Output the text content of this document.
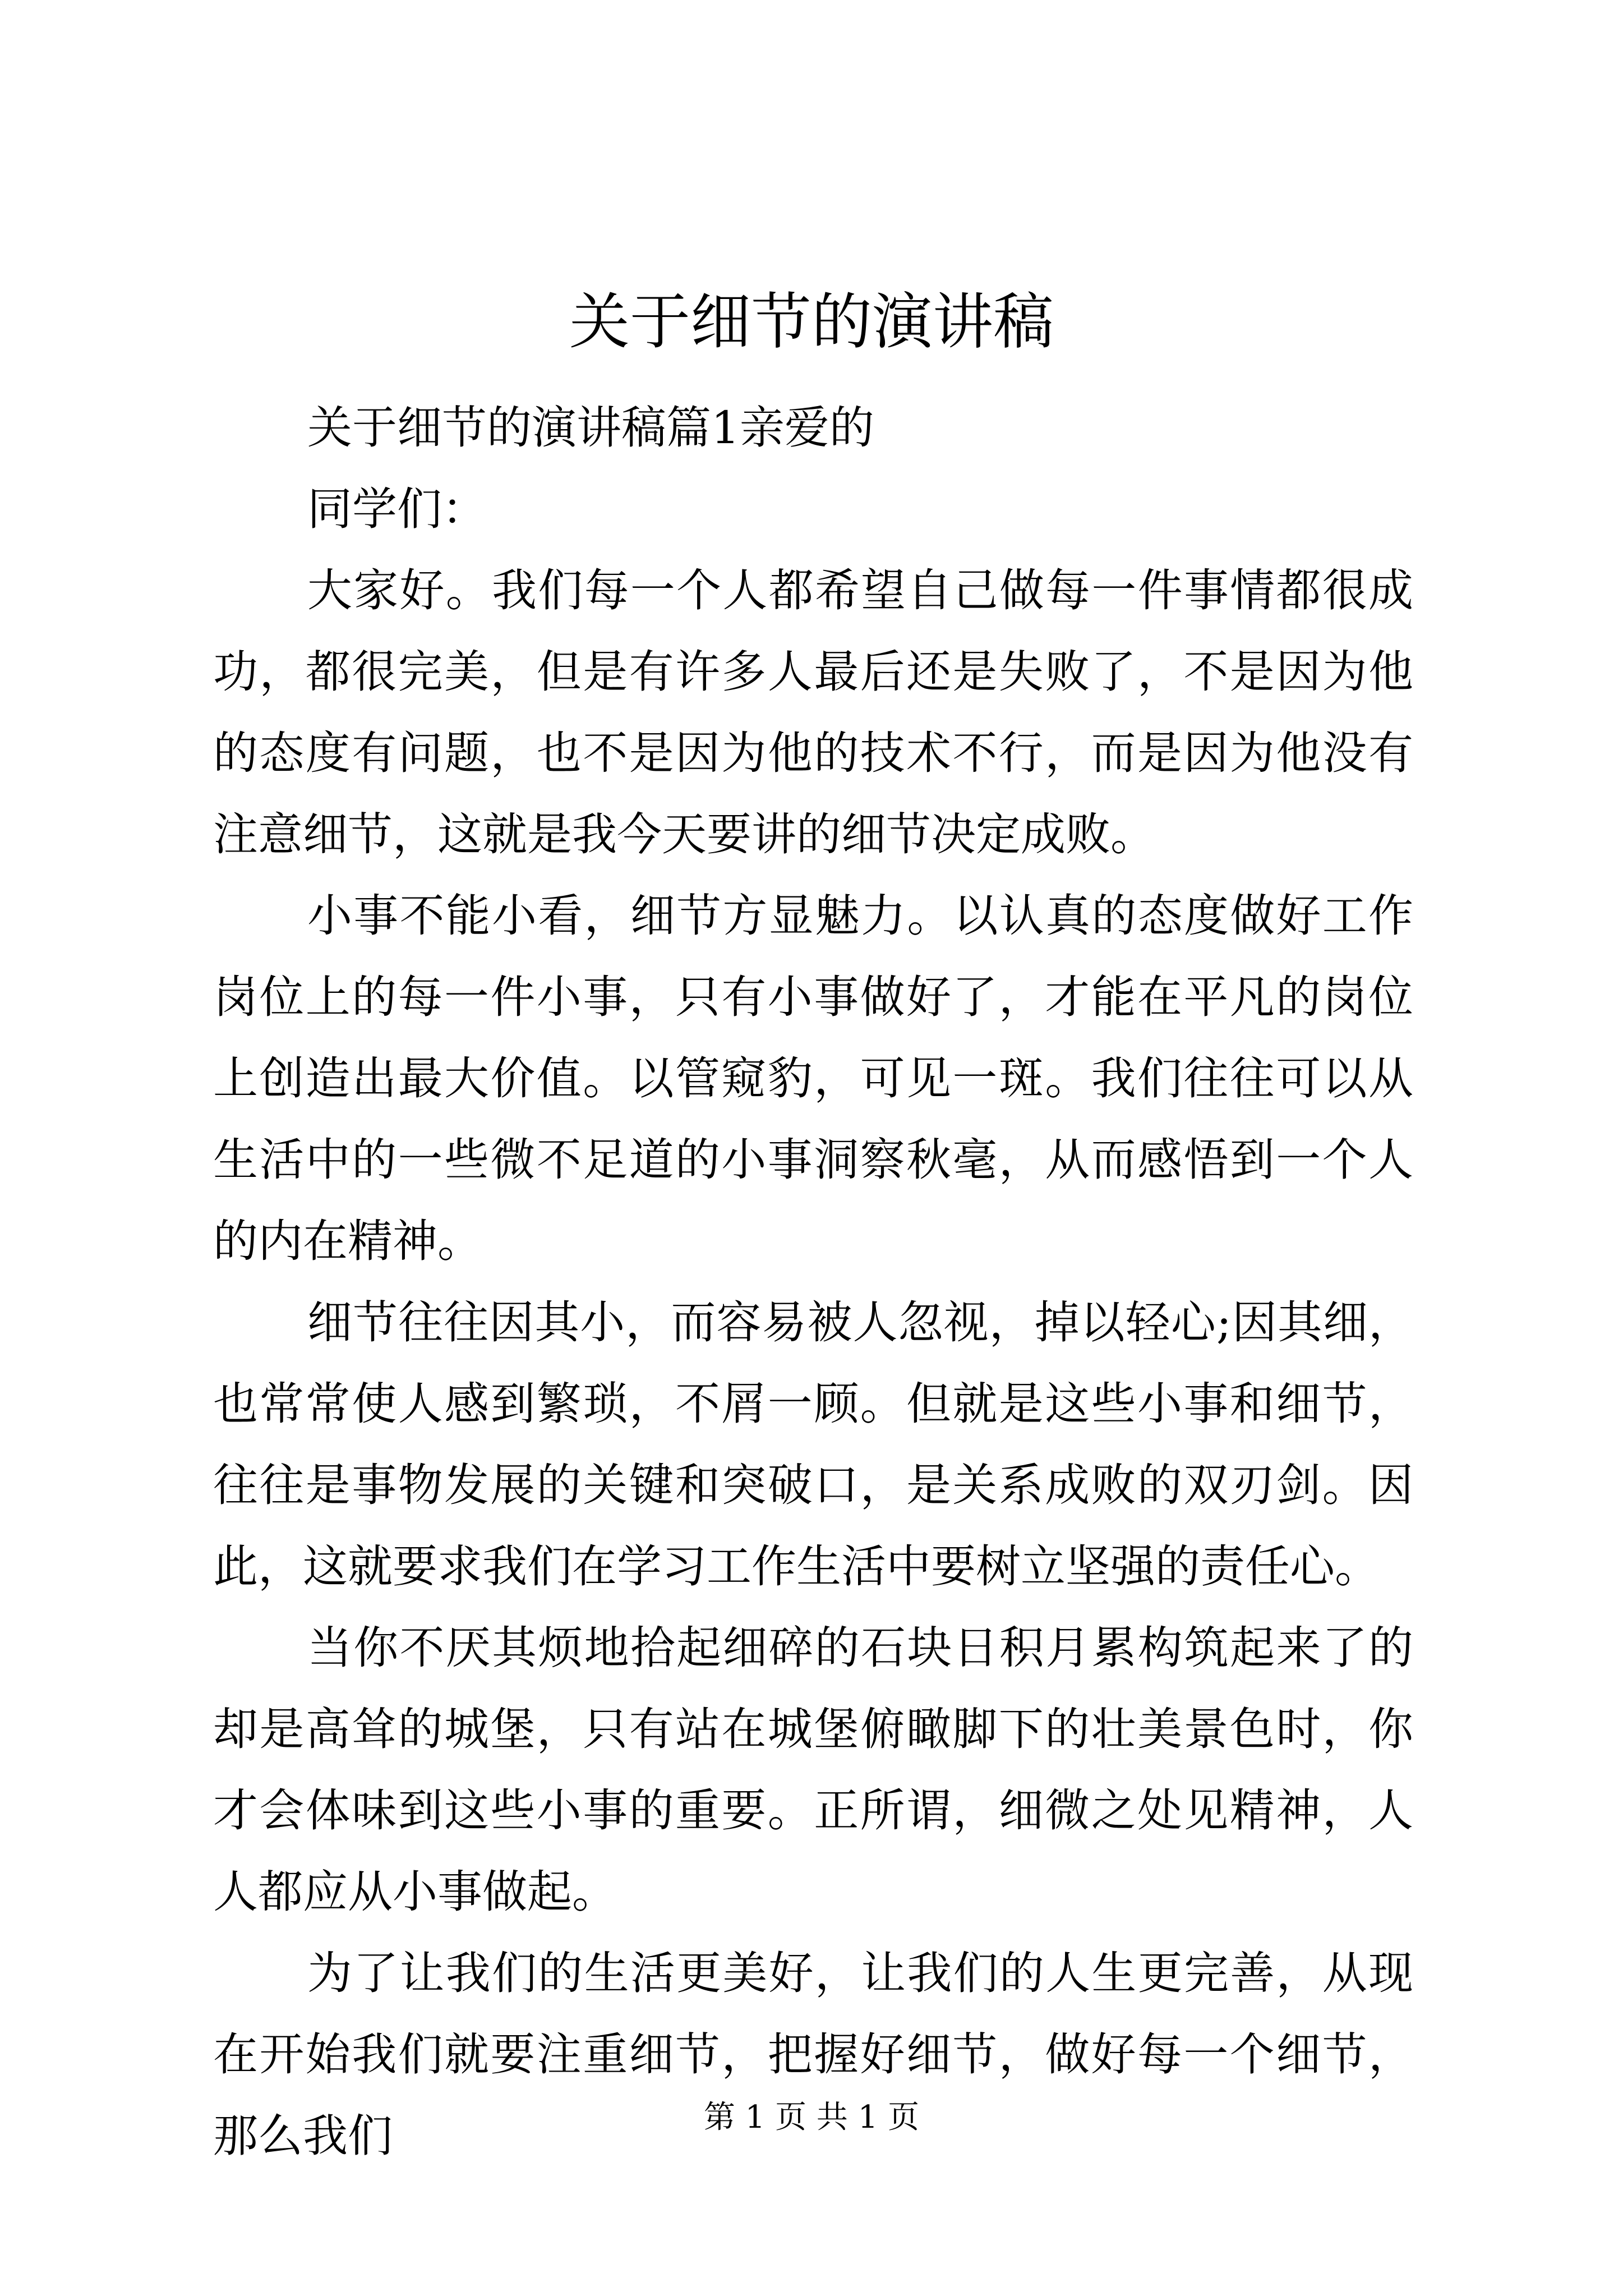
关于细节的演讲稿

关于细节的演讲稿篇1亲爱的

同学们：

大家好。我们每一个人都希望自己做每一件事情都很成功，都很完美，但是有许多人最后还是失败了，不是因为他的态度有问题，也不是因为他的技术不行，而是因为他没有注意细节，这就是我今天要讲的细节决定成败。

小事不能小看，细节方显魅力。以认真的态度做好工作岗位上的每一件小事，只有小事做好了，才能在平凡的岗位上创造出最大价值。以管窥豹，可见一斑。我们往往可以从生活中的一些微不足道的小事洞察秋毫，从而感悟到一个人的内在精神。

细节往往因其小，而容易被人忽视，掉以轻心;因其细，也常常使人感到繁琐，不屑一顾。但就是这些小事和细节，往往是事物发展的关键和突破口，是关系成败的双刃剑。因此，这就要求我们在学习工作生活中要树立坚强的责任心。

当你不厌其烦地拾起细碎的石块日积月累构筑起来了的却是高耸的城堡，只有站在城堡俯瞰脚下的壮美景色时，你才会体味到这些小事的重要。正所谓，细微之处见精神，人人都应从小事做起。

为了让我们的生活更美好，让我们的人生更完善，从现在开始我们就要注重细节，把握好细节，做好每一个细节，那么我们	第 1 页 共 1 页
